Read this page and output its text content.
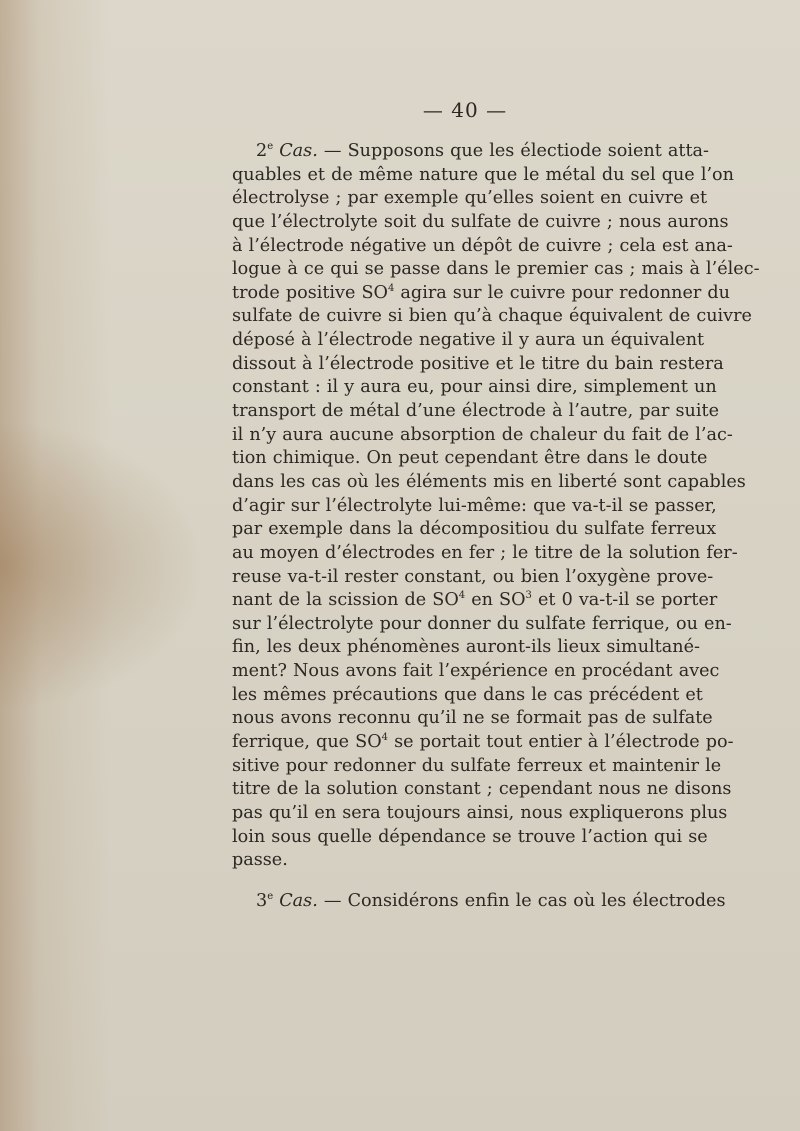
— 40 —
2e Cas. — Supposons que les électiode soient atta-
quables et de même nature que le métal du sel que l’on
électrolyse ; par exemple qu’elles soient en cuivre et
que l’électrolyte soit du sulfate de cuivre ; nous aurons
à l’électrode négative un dépôt de cuivre ; cela est ana-
logue à ce qui se passe dans le premier cas ; mais à l’élec-
trode positive $SO^4$ agira sur le cuivre pour redonner du
sulfate de cuivre si bien qu’à chaque équivalent de cuivre
déposé à l’électrode negative il y aura un équivalent
dissout à l’électrode positive et le titre du bain restera
constant : il y aura eu, pour ainsi dire, simplement un
transport de métal d’une électrode à l’autre, par suite
il n’y aura aucune absorption de chaleur du fait de l’ac-
tion chimique. On peut cependant être dans le doute
dans les cas où les éléments mis en liberté sont capables
d’agir sur l’électrolyte lui-même: que va-t-il se passer,
par exemple dans la décompositiou du sulfate ferreux
au moyen d’électrodes en fer ; le titre de la solution fer-
reuse va-t-il rester constant, ou bien l’oxygène prove-
nant de la scission de $SO^4$ en $SO^3$ et 0 va-t-il se porter
sur l’électrolyte pour donner du sulfate ferrique, ou en-
fin, les deux phénomènes auront-ils lieux simultané-
ment? Nous avons fait l’expérience en procédant avec
les mêmes précautions que dans le cas précédent et
nous avons reconnu qu’il ne se formait pas de sulfate
ferrique, que $SO^4$ se portait tout entier à l’électrode po-
sitive pour redonner du sulfate ferreux et maintenir le
titre de la solution constant ; cependant nous ne disons
pas qu’il en sera toujours ainsi, nous expliquerons plus
loin sous quelle dépendance se trouve l’action qui se
passe.
3e Cas. — Considérons enfin le cas où les électrodes
